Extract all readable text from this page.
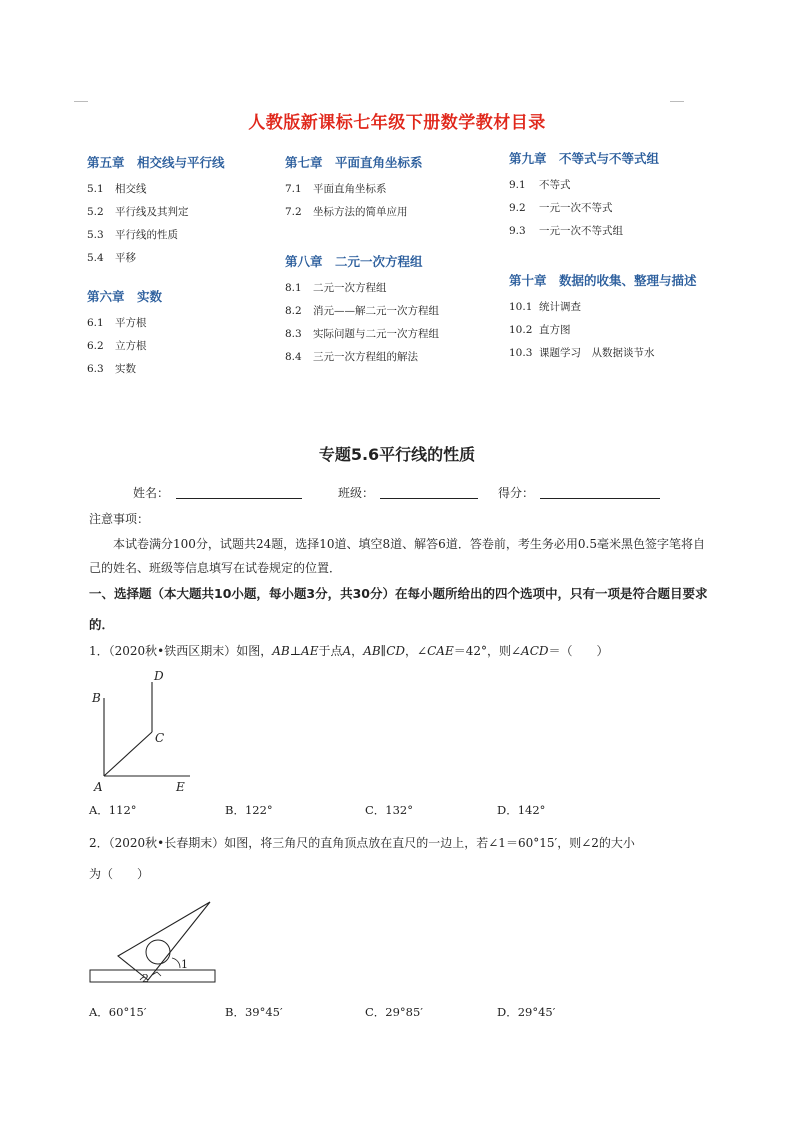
人教版新课标七年级下册数学教材目录
第五章　相交线与平行线
5.1 相交线
5.2 平行线及其判定
5.3 平行线的性质
5.4 平移
第六章　实数
6.1 平方根
6.2 立方根
6.3 实数
第七章　平面直角坐标系
7.1 平面直角坐标系
7.2 坐标方法的简单应用
第八章　二元一次方程组
8.1 二元一次方程组
8.2 消元——解二元一次方程组
8.3 实际问题与二元一次方程组
8.4 三元一次方程组的解法
第九章　不等式与不等式组
9.1 不等式
9.2 一元一次不等式
9.3 一元一次不等式组
第十章　数据的收集、整理与描述
10.1 统计调查
10.2 直方图
10.3 课题学习　从数据谈节水
专题5.6平行线的性质
姓名：	班级：	得分：
注意事项：
本试卷满分100分，试题共24题，选择10道、填空8道、解答6道．答卷前，考生务必用0.5毫米黑色签字笔将自己的姓名、班级等信息填写在试卷规定的位置．
一、选择题（本大题共10小题，每小题3分，共30分）在每小题所给出的四个选项中，只有一项是符合题目要求的．
1．（2020秋•铁西区期末）如图，AB⊥AE于点A，AB∥CD，∠CAE＝42°，则∠ACD＝（　　）
B
D
C
A	E
A．112°	B．122°	C．132°	D．142°
2．（2020秋•长春期末）如图，将三角尺的直角顶点放在直尺的一边上，若∠1＝60°15′，则∠2的大小
为（　　）
2
1
A．60°15′	B．39°45′	C．29°85′	D．29°45′
